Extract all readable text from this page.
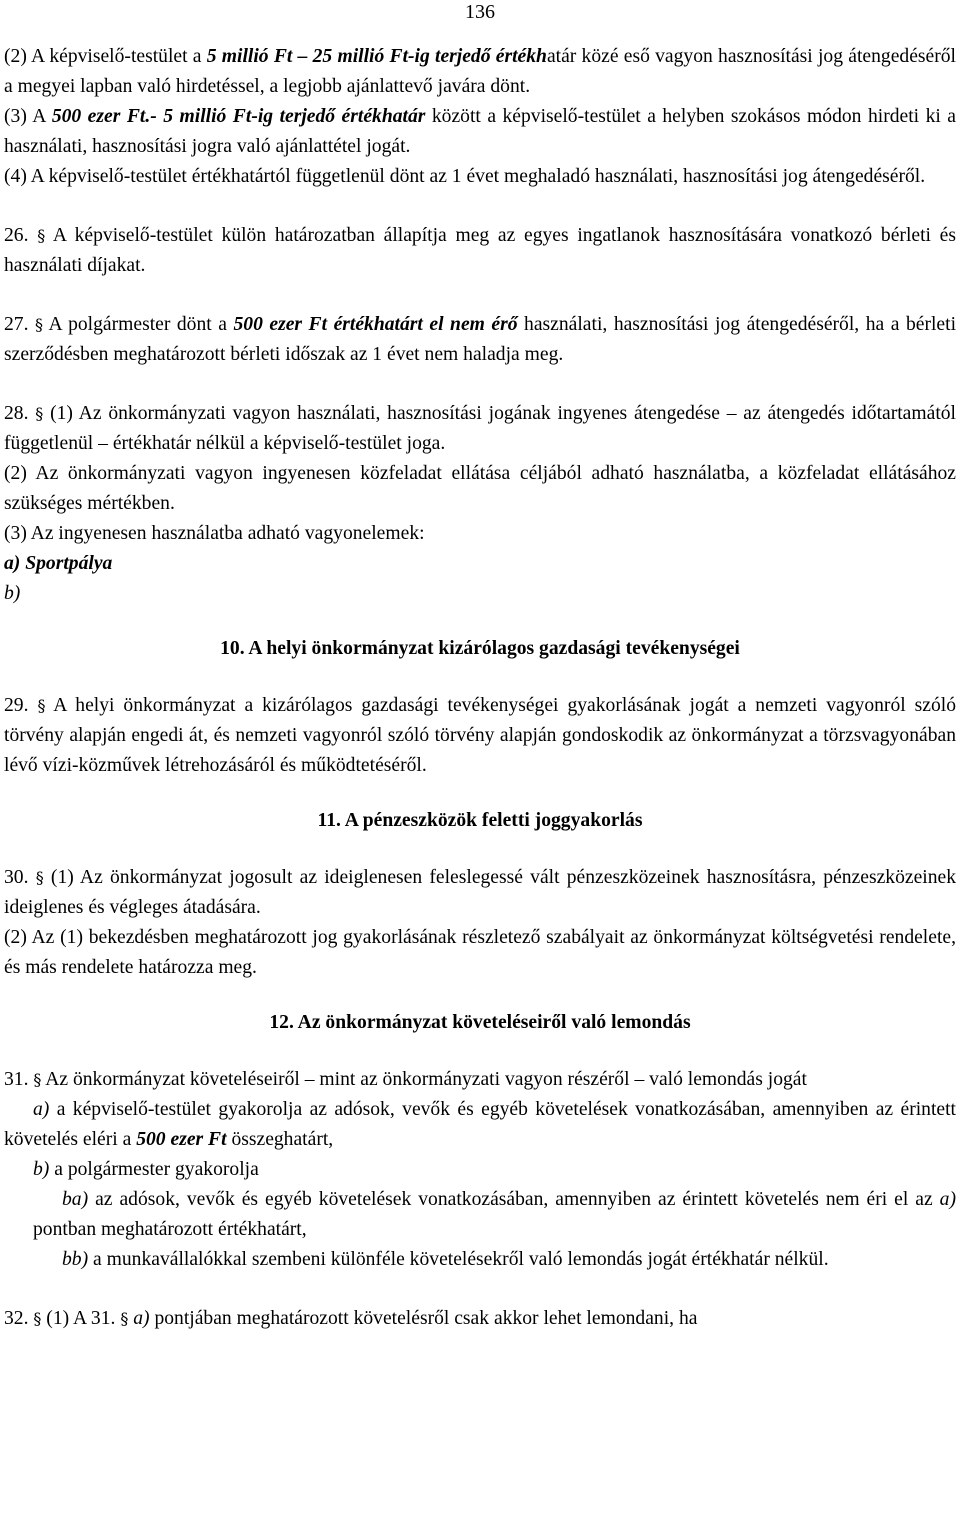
136

(2) A képviselő-testület a 5 millió Ft – 25 millió Ft-ig terjedő értékhatár közé eső vagyon hasznosítási jog átengedéséről a megyei lapban való hirdetéssel, a legjobb ajánlattevő javára dönt.

(3) A 500 ezer Ft.- 5 millió Ft-ig terjedő értékhatár között a képviselő-testület a helyben szokásos módon hirdeti ki a használati, hasznosítási jogra való ajánlattétel jogát.

(4) A képviselő-testület értékhatártól függetlenül dönt az 1 évet meghaladó használati, hasznosítási jog átengedéséről.

26. § A képviselő-testület külön határozatban állapítja meg az egyes ingatlanok hasznosítására vonatkozó bérleti és használati díjakat.

27. § A polgármester dönt a 500 ezer Ft értékhatárt el nem érő használati, hasznosítási jog átengedéséről, ha a bérleti szerződésben meghatározott bérleti időszak az 1 évet nem haladja meg.

28. § (1) Az önkormányzati vagyon használati, hasznosítási jogának ingyenes átengedése – az átengedés időtartamától függetlenül – értékhatár nélkül a képviselő-testület joga.

(2) Az önkormányzati vagyon ingyenesen közfeladat ellátása céljából adható használatba, a közfeladat ellátásához szükséges mértékben.

(3) Az ingyenesen használatba adható vagyonelemek:

a) Sportpálya

b)

10. A helyi önkormányzat kizárólagos gazdasági tevékenységei

29. § A helyi önkormányzat a kizárólagos gazdasági tevékenységei gyakorlásának jogát a nemzeti vagyonról szóló törvény alapján engedi át, és nemzeti vagyonról szóló törvény alapján gondoskodik az önkormányzat a törzsvagyonában lévő vízi-közművek létrehozásáról és működtetéséről.

11. A pénzeszközök feletti joggyakorlás

30. § (1) Az önkormányzat jogosult az ideiglenesen feleslegessé vált pénzeszközeinek hasznosításra, pénzeszközeinek ideiglenes és végleges átadására.

(2) Az (1) bekezdésben meghatározott jog gyakorlásának részletező szabályait az önkormányzat költségvetési rendelete, és más rendelete határozza meg.

12. Az önkormányzat követeléseiről való lemondás

31. § Az önkormányzat követeléseiről – mint az önkormányzati vagyon részéről – való lemondás jogát

a) a képviselő-testület gyakorolja az adósok, vevők és egyéb követelések vonatkozásában, amennyiben az érintett követelés eléri a 500 ezer Ft összeghatárt,

b) a polgármester gyakorolja

ba) az adósok, vevők és egyéb követelések vonatkozásában, amennyiben az érintett követelés nem éri el az a) pontban meghatározott értékhatárt,

bb) a munkavállalókkal szembeni különféle követelésekről való lemondás jogát értékhatár nélkül.

32. § (1) A 31. § a) pontjában meghatározott követelésről csak akkor lehet lemondani, ha
